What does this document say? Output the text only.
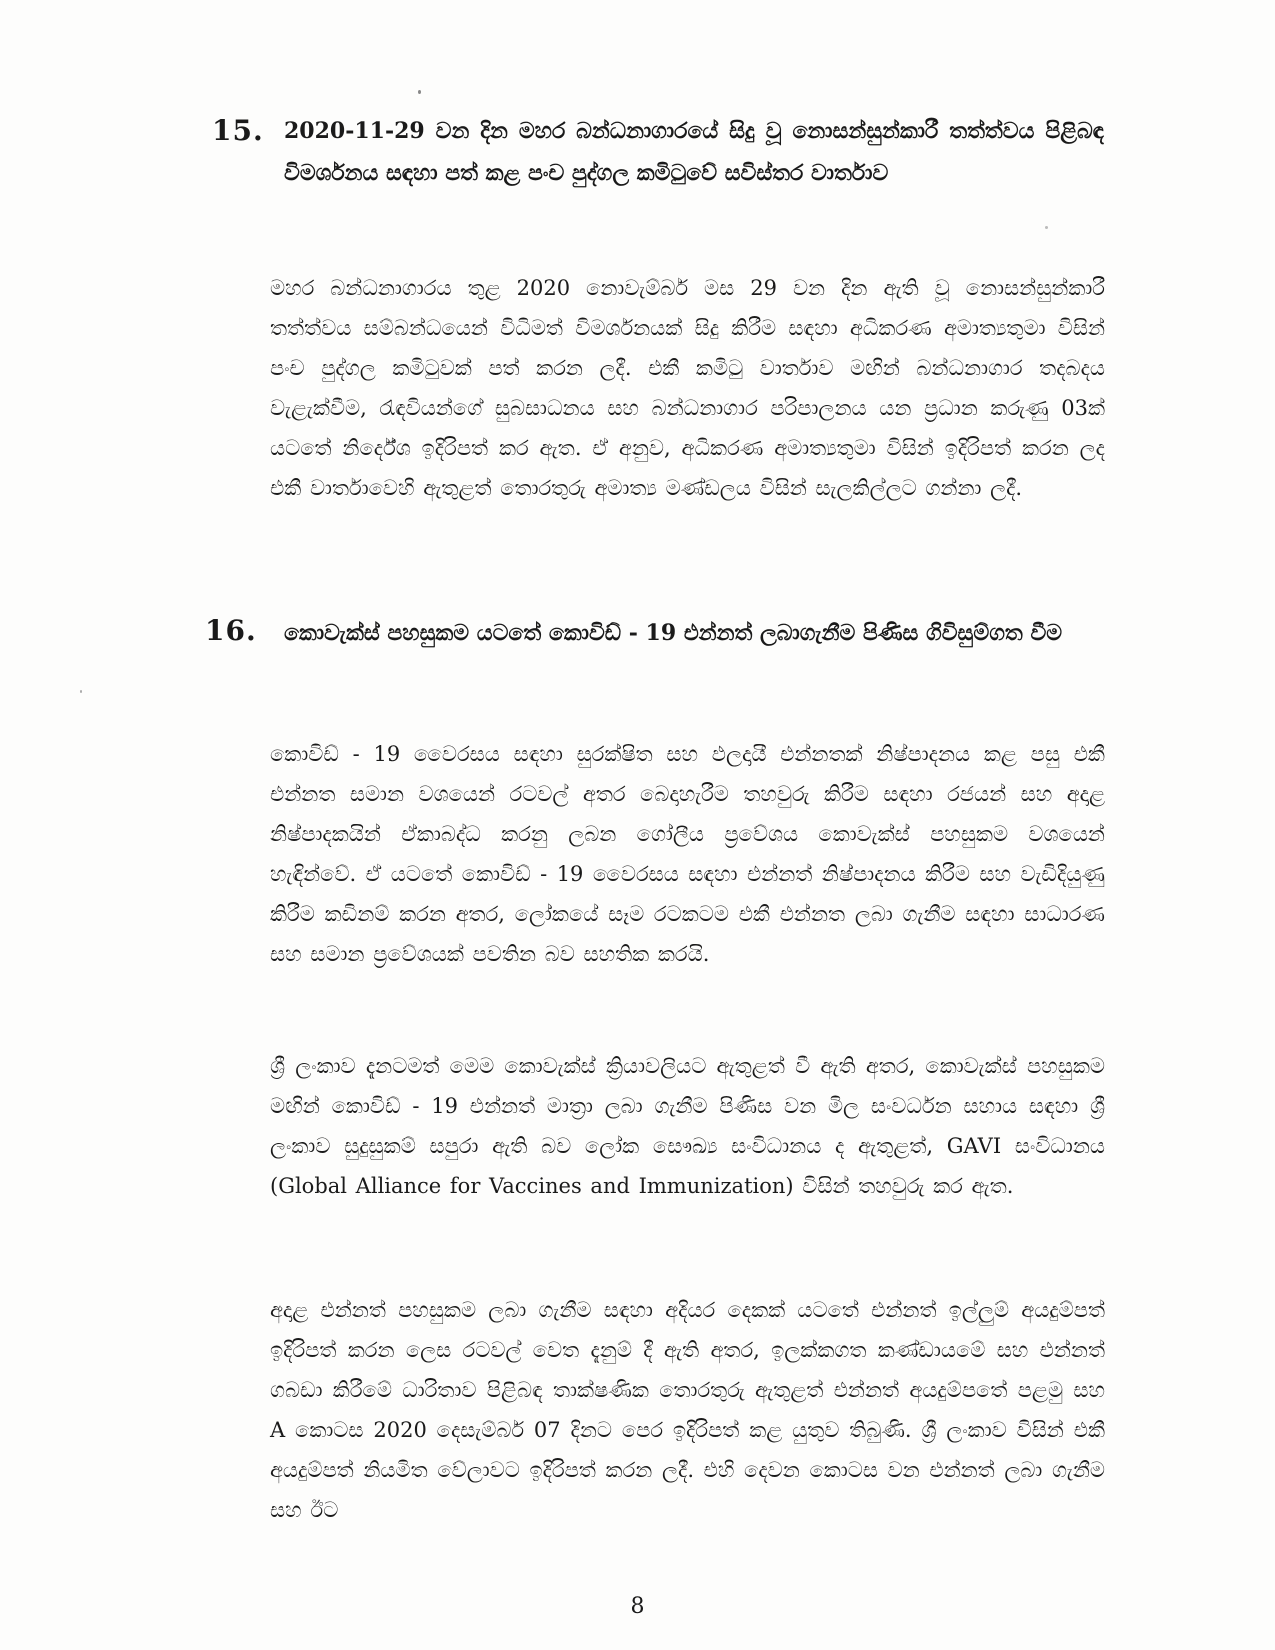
15. 2020-11-29 වන දින මහර බන්ධනාගාරයේ සිදු වූ නොසන්සුන්කාරී තත්ත්වය පිළිබඳ විමර්ශනය සඳහා පත් කළ පංච පුද්ගල කමිටුවේ සවිස්තර වාර්තාව
මහර බන්ධනාගාරය තුළ 2020 නොවැම්බර් මස 29 වන දින ඇති වූ නොසන්සුන්කාරී තත්ත්වය සම්බන්ධයෙන් විධිමත් විමර්ශනයක් සිදු කිරීම සඳහා අධිකරණ අමාත්‍යතුමා විසින් පංච පුද්ගල කමිටුවක් පත් කරන ලදී. එකී කමිටු වාර්තාව මඟින් බන්ධනාගාර තදබදය වැළැක්වීම, රැඳවියන්ගේ සුබසාධනය සහ බන්ධනාගාර පරිපාලනය යන ප්‍රධාන කරුණු 03ක් යටතේ නිර්දේශ ඉදිරිපත් කර ඇත. ඒ අනුව, අධිකරණ අමාත්‍යතුමා විසින් ඉදිරිපත් කරන ලද එකී වාර්තාවෙහි ඇතුළත් තොරතුරු අමාත්‍ය මණ්ඩලය විසින් සැලකිල්ලට ගන්නා ලදී.
16. කොවැක්ස් පහසුකම යටතේ කොවිඩ් - 19 එන්නත් ලබාගැනීම පිණිස ගිවිසුම්ගත වීම
කොවිඩ් - 19 වෛරසය සඳහා සුරක්ෂිත සහ ඵලදායී එන්නතක් නිෂ්පාදනය කළ පසු එකී එන්නත සමාන වශයෙන් රටවල් අතර බෙදාහැරීම තහවුරු කිරීම සඳහා රජයන් සහ අදාළ නිෂ්පාදකයින් ඒකාබද්ධ කරනු ලබන ගෝලීය ප්‍රවේශය කොවැක්ස් පහසුකම වශයෙන් හැඳින්වේ. ඒ යටතේ කොවිඩ් - 19 වෛරසය සඳහා එන්නත් නිෂ්පාදනය කිරීම සහ වැඩිදියුණු කිරීම කඩිනම් කරන අතර, ලෝකයේ සෑම රටකටම එකී එන්නත ලබා ගැනීම සඳහා සාධාරණ සහ සමාන ප්‍රවේශයක් පවතින බව සහතික කරයි.
ශ්‍රී ලංකාව දැනටමත් මෙම කොවැක්ස් ක්‍රියාවලියට ඇතුළත් වී ඇති අතර, කොවැක්ස් පහසුකම මඟින් කොවිඩ් - 19 එන්නත් මාත්‍රා ලබා ගැනීම පිණිස වන මිල සංවර්ධන සහාය සඳහා ශ්‍රී ලංකාව සුදුසුකම් සපුරා ඇති බව ලෝක සෞඛ්‍ය සංවිධානය ද ඇතුළත්, GAVI සංවිධානය (Global Alliance for Vaccines and Immunization) විසින් තහවුරු කර ඇත.
අදාළ එන්නත් පහසුකම ලබා ගැනීම සඳහා අදියර දෙකක් යටතේ එන්නත් ඉල්ලුම් අයදුම්පත් ඉදිරිපත් කරන ලෙස රටවල් වෙත දැනුම් දී ඇති අතර, ඉලක්කගත කණ්ඩායමේ සහ එන්නත් ගබඩා කිරීමේ ධාරිතාව පිළිබඳ තාක්ෂණික තොරතුරු ඇතුළත් එන්නත් අයදුම්පතේ පළමු සහ A කොටස 2020 දෙසැම්බර් 07 දිනට පෙර ඉදිරිපත් කළ යුතුව තිබුණි. ශ්‍රී ලංකාව විසින් එකී අයදුම්පත් නියමිත වේලාවට ඉදිරිපත් කරන ලදී. එහි දෙවන කොටස වන එන්නත් ලබා ගැනීම සහ ඊට
8
